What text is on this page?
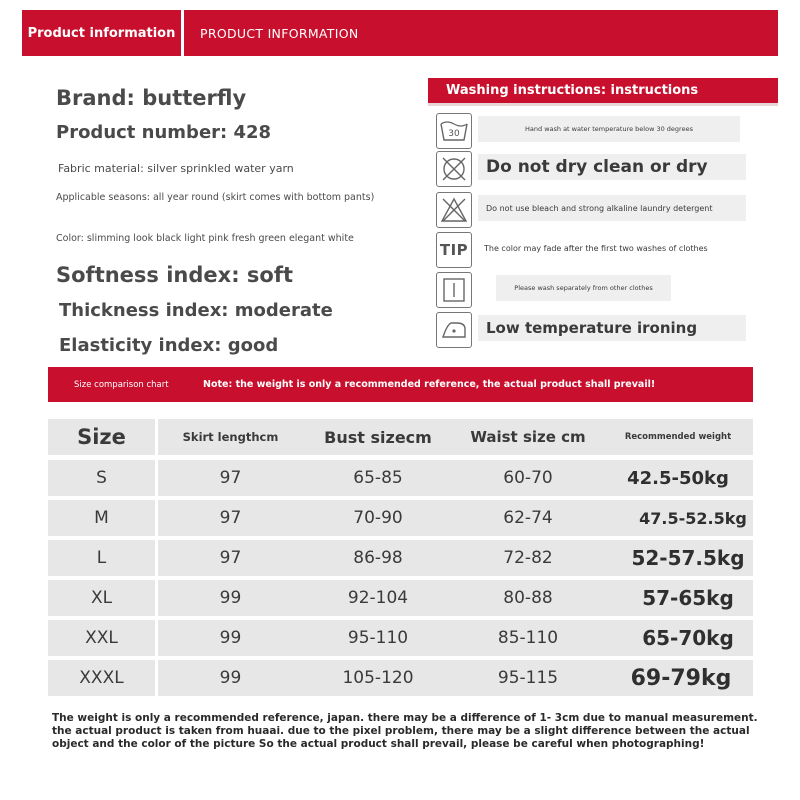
Product information	PRODUCT INFORMATION
Brand: butterfly
Product number: 428
Fabric material: silver sprinkled water yarn
Applicable seasons: all year round (skirt comes with bottom pants)
Color: slimming look black light pink fresh green elegant white
Softness index: soft
Thickness index: moderate
Elasticity index: good
Washing instructions: instructions
30	Hand wash at water temperature below 30 degrees
Do not dry clean or dry
Do not use bleach and strong alkaline laundry detergent
TIP	The color may fade after the first two washes of clothes
Please wash separately from other clothes
Low temperature ironing
Size comparison chart	Note: the weight is only a recommended reference, the actual product shall prevail!
Size	Skirt lengthcm	Bust sizecm	Waist size cm	Recommended weight
S	97	65-85	60-70	42.5-50kg
M	97	70-90	62-74	47.5-52.5kg
L	97	86-98	72-82	52-57.5kg
XL	99	92-104	80-88	57-65kg
XXL	99	95-110	85-110	65-70kg
XXXL	99	105-120	95-115	69-79kg
The weight is only a recommended reference, japan. there may be a difference of 1- 3cm due to manual measurement.
the actual product is taken from huaai. due to the pixel problem, there may be a slight difference between the actual
object and the color of the picture So the actual product shall prevail, please be careful when photographing!
